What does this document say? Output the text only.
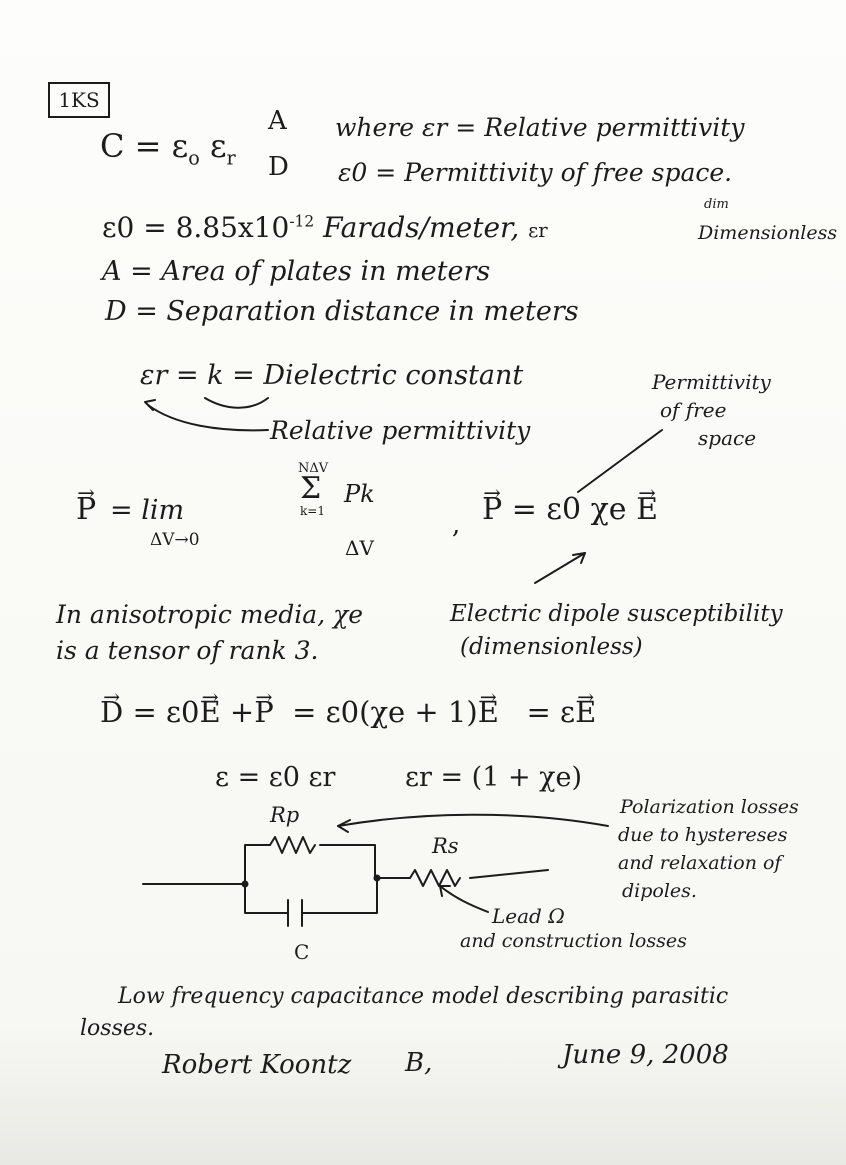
1KS
$C = \varepsilon_o$ $\varepsilon_r$
A
D
where εr = Relative permittivity
ε0 = Permittivity of free space.
$\varepsilon 0 = 8.85x10^{-12}$ Farads/meter, εr
dim
Dimensionless
A = Area of plates in meters
D = Separation distance in meters
εr = k = Dielectric constant
Relative permittivity
Permittivity
of free
space
→ P = lim
ΔV→0
NΔV
Σ
k=1
Pk
ΔV
, → P = ε0 χe → E
Electric dipole susceptibility
(dimensionless)
In anisotropic media, χe
is a tensor of rank 3.
→ D = ε0→ E +→ P = ε0(χe + 1)→ E = ε→ E
ε = ε0 εr	εr = (1 + χe)
Rp
Rs
C
Polarization losses
due to hystereses
and relaxation of
dipoles.
Lead Ω
and construction losses
Low frequency capacitance model describing parasitic
losses.
Robert Koontz B,	June 9, 2008
